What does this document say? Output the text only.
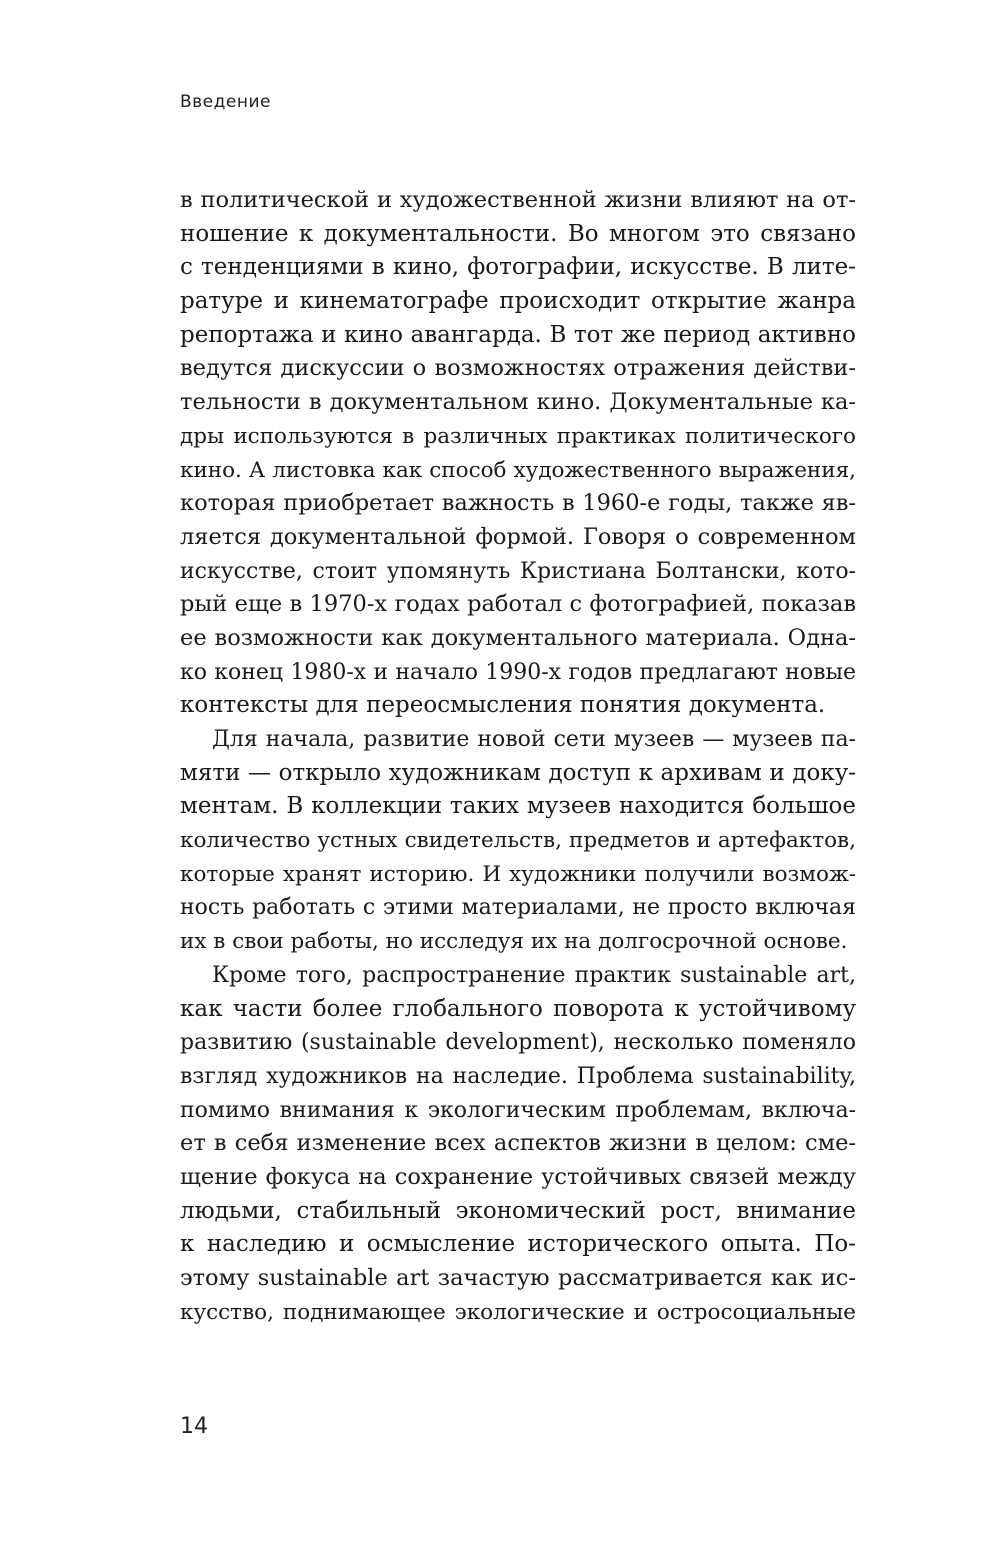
Введение
в политической и художественной жизни влияют на от-
ношение к документальности. Во многом это связано
с тенденциями в кино, фотографии, искусстве. В лите-
ратуре и кинематографе происходит открытие жанра
репортажа и кино авангарда. В тот же период активно
ведутся дискуссии о возможностях отражения действи-
тельности в документальном кино. Документальные ка-
дры используются в различных практиках политического
кино. А листовка как способ художественного выражения,
которая приобретает важность в 1960-е годы, также яв-
ляется документальной формой. Говоря о современном
искусстве, стоит упомянуть Кристиана Болтански, кото-
рый еще в 1970-х годах работал с фотографией, показав
ее возможности как документального материала. Одна-
ко конец 1980-х и начало 1990-х годов предлагают новые
контексты для переосмысления понятия документа.
Для начала, развитие новой сети музеев — музеев па-
мяти — открыло художникам доступ к архивам и доку-
ментам. В коллекции таких музеев находится большое
количество устных свидетельств, предметов и артефактов,
которые хранят историю. И художники получили возмож-
ность работать с этими материалами, не просто включая
их в свои работы, но исследуя их на долгосрочной основе.
Кроме того, распространение практик sustainable art,
как части более глобального поворота к устойчивому
развитию (sustainable development), несколько поменяло
взгляд художников на наследие. Проблема sustainability,
помимо внимания к экологическим проблемам, включа-
ет в себя изменение всех аспектов жизни в целом: сме-
щение фокуса на сохранение устойчивых связей между
людьми, стабильный экономический рост, внимание
к наследию и осмысление исторического опыта. По-
этому sustainable art зачастую рассматривается как ис-
кусство, поднимающее экологические и остросоциальные
14
